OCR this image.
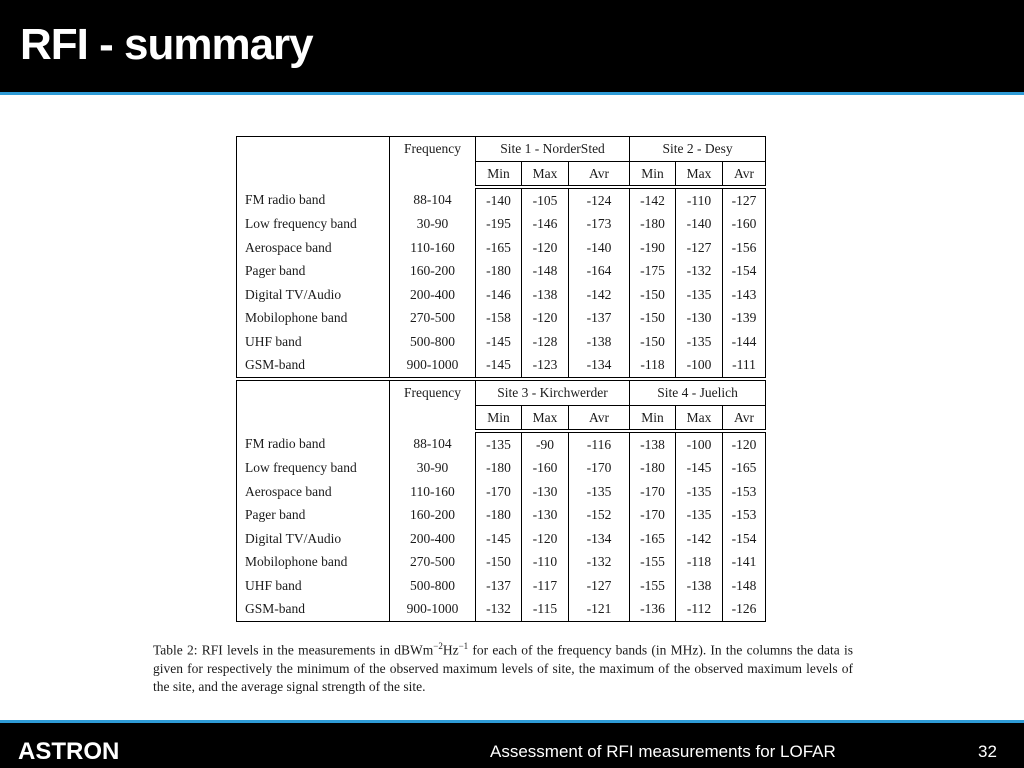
RFI - summary
	Frequency	Site 1 - NorderSted			Site 2 - Desy		
		Min	Max	Avr	Min	Max	Avr
FM radio band	88-104	-140	-105	-124	-142	-110	-127
Low frequency band	30-90	-195	-146	-173	-180	-140	-160
Aerospace band	110-160	-165	-120	-140	-190	-127	-156
Pager band	160-200	-180	-148	-164	-175	-132	-154
Digital TV/Audio	200-400	-146	-138	-142	-150	-135	-143
Mobilophone band	270-500	-158	-120	-137	-150	-130	-139
UHF band	500-800	-145	-128	-138	-150	-135	-144
GSM-band	900-1000	-145	-123	-134	-118	-100	-111
	Frequency	Site 3 - Kirchwerder			Site 4 - Juelich		
		Min	Max	Avr	Min	Max	Avr
FM radio band	88-104	-135	-90	-116	-138	-100	-120
Low frequency band	30-90	-180	-160	-170	-180	-145	-165
Aerospace band	110-160	-170	-130	-135	-170	-135	-153
Pager band	160-200	-180	-130	-152	-170	-135	-153
Digital TV/Audio	200-400	-145	-120	-134	-165	-142	-154
Mobilophone band	270-500	-150	-110	-132	-155	-118	-141
UHF band	500-800	-137	-117	-127	-155	-138	-148
GSM-band	900-1000	-132	-115	-121	-136	-112	-126
Table 2: RFI levels in the measurements in $dBWm^{-2}Hz^{-1}$ for each of the frequency bands (in MHz). In the columns the data is given for respectively the minimum of the observed maximum levels of site, the maximum of the observed maximum levels of the site, and the average signal strength of the site.
ASTRON	Assessment of RFI measurements for LOFAR	32
